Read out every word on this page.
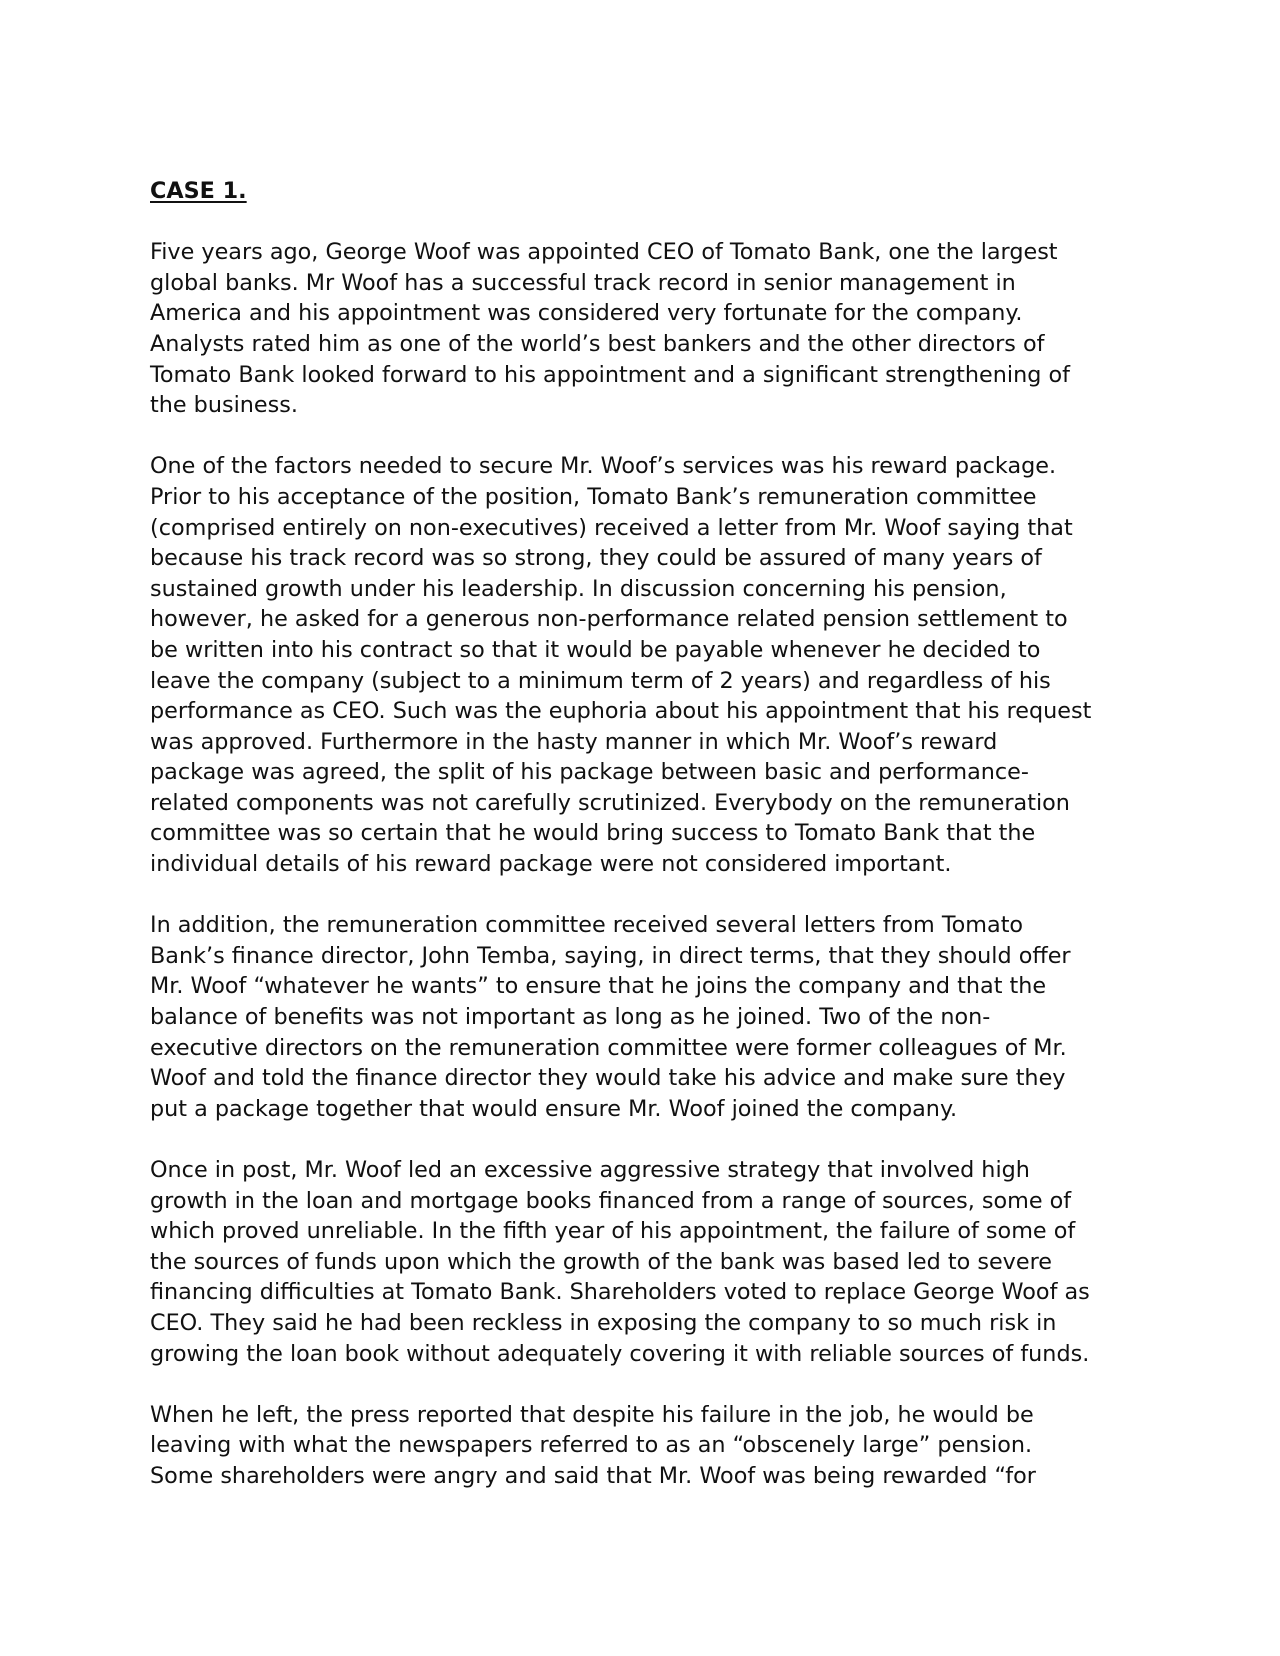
CASE 1.
Five years ago, George Woof was appointed CEO of Tomato Bank, one the largest
global banks. Mr Woof has a successful track record in senior management in
America and his appointment was considered very fortunate for the company.
Analysts rated him as one of the world’s best bankers and the other directors of
Tomato Bank looked forward to his appointment and a significant strengthening of
the business.
One of the factors needed to secure Mr. Woof’s services was his reward package.
Prior to his acceptance of the position, Tomato Bank’s remuneration committee
(comprised entirely on non-executives) received a letter from Mr. Woof saying that
because his track record was so strong, they could be assured of many years of
sustained growth under his leadership. In discussion concerning his pension,
however, he asked for a generous non-performance related pension settlement to
be written into his contract so that it would be payable whenever he decided to
leave the company (subject to a minimum term of 2 years) and regardless of his
performance as CEO. Such was the euphoria about his appointment that his request
was approved. Furthermore in the hasty manner in which Mr. Woof’s reward
package was agreed, the split of his package between basic and performance-
related components was not carefully scrutinized. Everybody on the remuneration
committee was so certain that he would bring success to Tomato Bank that the
individual details of his reward package were not considered important.
In addition, the remuneration committee received several letters from Tomato
Bank’s finance director, John Temba, saying, in direct terms, that they should offer
Mr. Woof “whatever he wants” to ensure that he joins the company and that the
balance of benefits was not important as long as he joined. Two of the non-
executive directors on the remuneration committee were former colleagues of Mr.
Woof and told the finance director they would take his advice and make sure they
put a package together that would ensure Mr. Woof joined the company.
Once in post, Mr. Woof led an excessive aggressive strategy that involved high
growth in the loan and mortgage books financed from a range of sources, some of
which proved unreliable. In the fifth year of his appointment, the failure of some of
the sources of funds upon which the growth of the bank was based led to severe
financing difficulties at Tomato Bank. Shareholders voted to replace George Woof as
CEO. They said he had been reckless in exposing the company to so much risk in
growing the loan book without adequately covering it with reliable sources of funds.
When he left, the press reported that despite his failure in the job, he would be
leaving with what the newspapers referred to as an “obscenely large” pension.
Some shareholders were angry and said that Mr. Woof was being rewarded “for
